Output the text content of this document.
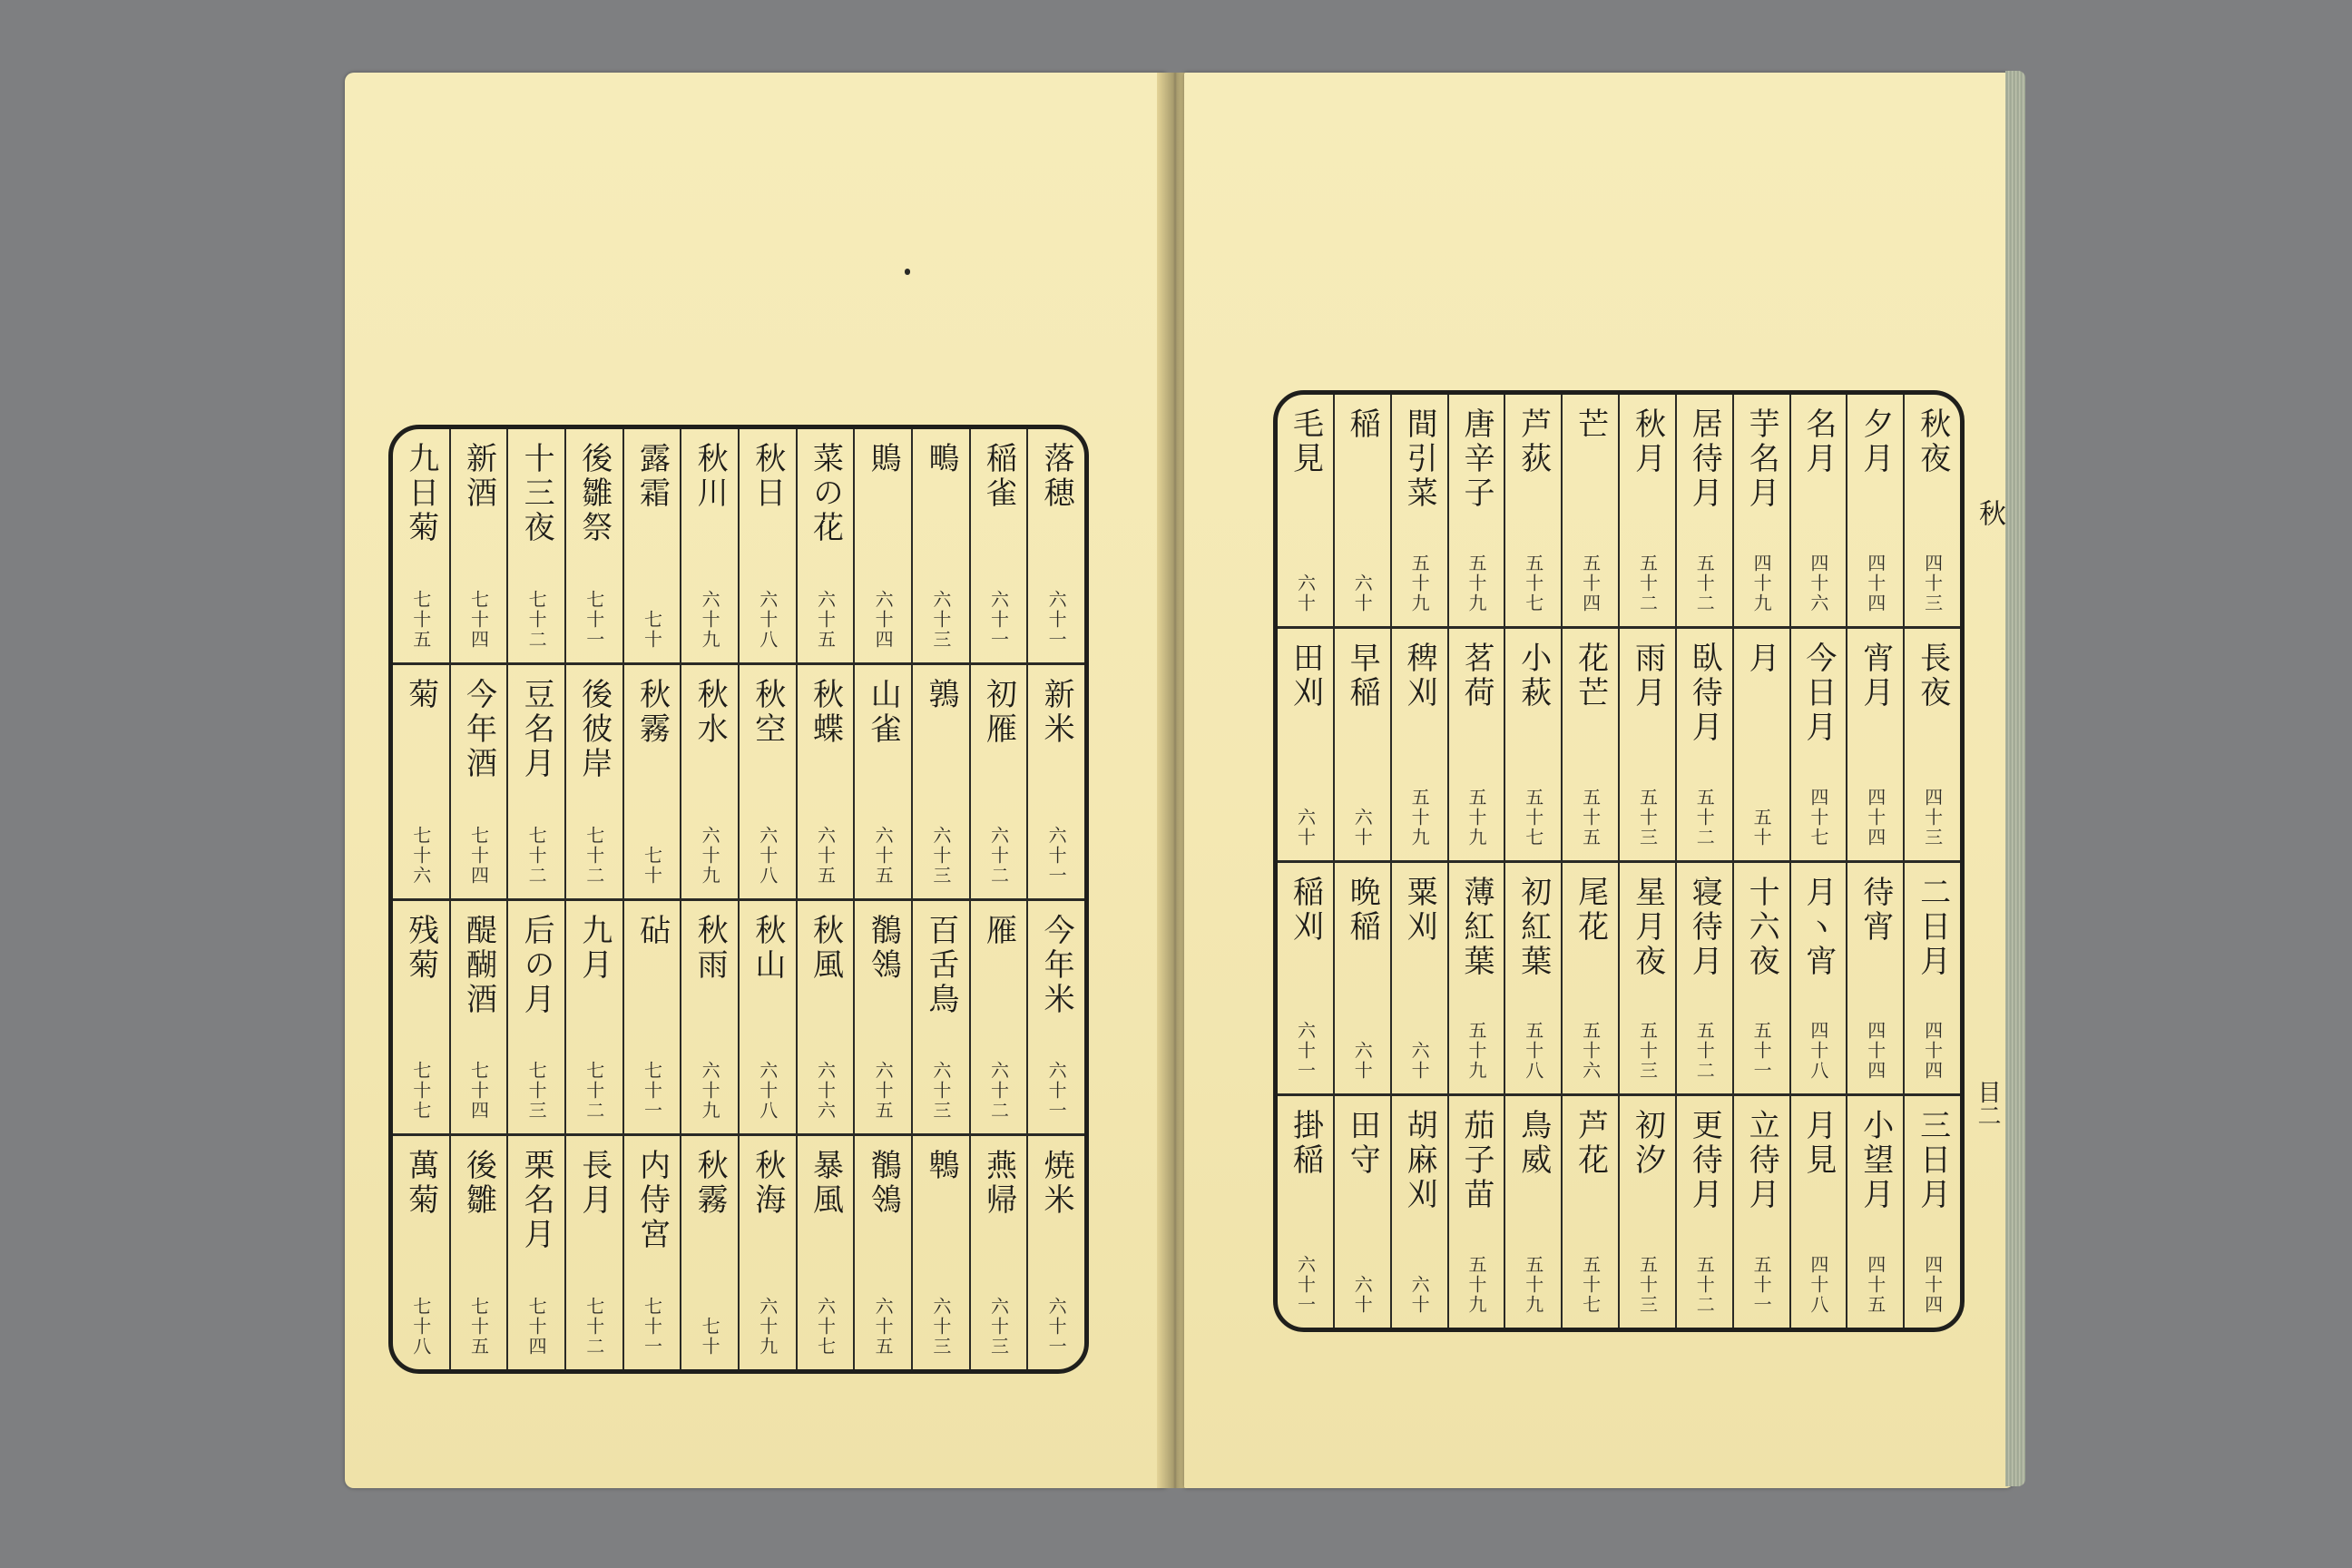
落穂
六十一
新米
六十一
今年米
六十一
焼米
六十一
稲雀
六十一
初雁
六十二
雁
六十二
燕帰
六十三
鴫
六十三
鶉
六十三
百舌鳥
六十三
鵯
六十三
鵙
六十四
山雀
六十五
鶺鴒
六十五
鶺鴒
六十五
菜の花
六十五
秋蝶
六十五
秋風
六十六
暴風
六十七
秋日
六十八
秋空
六十八
秋山
六十八
秋海
六十九
秋川
六十九
秋水
六十九
秋雨
六十九
秋霧
七十
露霜
七十
秋霧
七十
砧
七十一
内侍宮
七十一
後雛祭
七十一
後彼岸
七十二
九月
七十二
長月
七十二
十三夜
七十二
豆名月
七十二
后の月
七十三
栗名月
七十四
新酒
七十四
今年酒
七十四
醍醐酒
七十四
後雛
七十五
九日菊
七十五
菊
七十六
残菊
七十七
萬菊
七十八
秋夜
四十三
長夜
四十三
二日月
四十四
三日月
四十四
夕月
四十四
宵月
四十四
待宵
四十四
小望月
四十五
名月
四十六
今日月
四十七
月ヽ宵
四十八
月見
四十八
芋名月
四十九
月
五十
十六夜
五十一
立待月
五十一
居待月
五十二
臥待月
五十二
寝待月
五十二
更待月
五十二
秋月
五十二
雨月
五十三
星月夜
五十三
初汐
五十三
芒
五十四
花芒
五十五
尾花
五十六
芦花
五十七
芦荻
五十七
小萩
五十七
初紅葉
五十八
鳥威
五十九
唐辛子
五十九
茗荷
五十九
薄紅葉
五十九
茄子苗
五十九
間引菜
五十九
稗刈
五十九
粟刈
六十
胡麻刈
六十
稲
六十
早稲
六十
晩稲
六十
田守
六十
毛見
六十
田刈
六十
稲刈
六十一
掛稲
六十一
秋
目二
